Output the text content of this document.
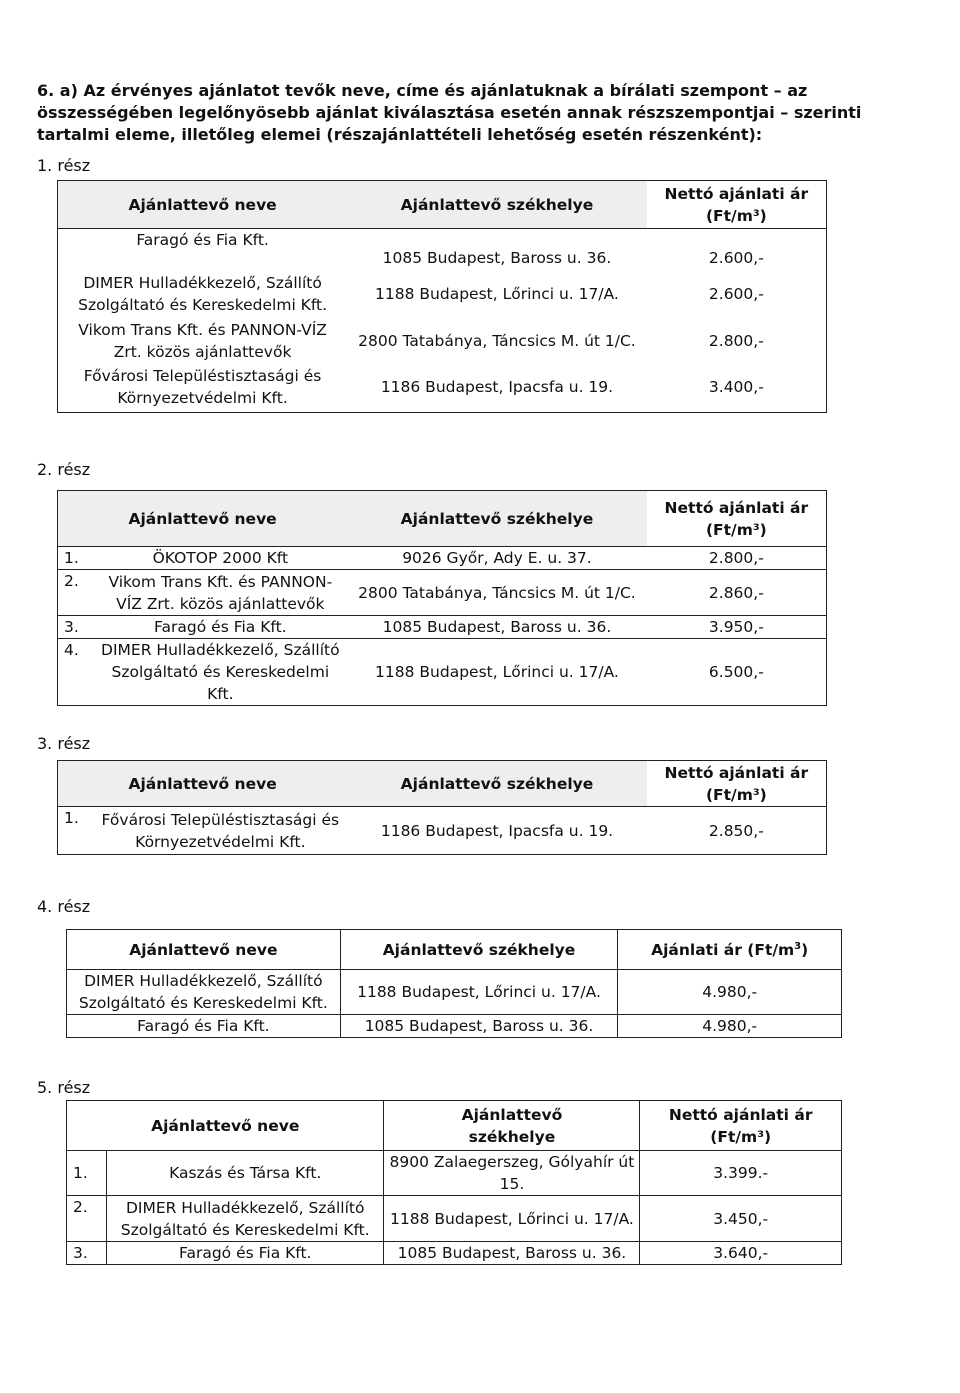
6. a) Az érvényes ajánlatot tevők neve, címe és ajánlatuknak a bírálati szempont – az összességében legelőnyösebb ajánlat kiválasztása esetén annak részszempontjai – szerinti tartalmi eleme, illetőleg elemei (részajánlattételi lehetőség esetén részenként):

1. rész

Ajánlattevő neve	Ajánlattevő székhelye	Nettó ajánlati ár (Ft/m³)
Faragó és Fia Kft.	1085 Budapest, Baross u. 36.	2.600,-
DIMER Hulladékkezelő, Szállító Szolgáltató és Kereskedelmi Kft.	1188 Budapest, Lőrinci u. 17/A.	2.600,-
Vikom Trans Kft. és PANNON-VÍZ Zrt. közös ajánlattevők	2800 Tatabánya, Táncsics M. út 1/C.	2.800,-
Fővárosi Településtisztasági és Környezetvédelmi Kft.	1186 Budapest, Ipacsfa u. 19.	3.400,-

2. rész

Ajánlattevő neve		Ajánlattevő székhelye	Nettó ajánlati ár (Ft/m³)
1.	ÖKOTOP 2000 Kft	9026 Győr, Ady E. u. 37.	2.800,-
2.	Vikom Trans Kft. és PANNON-VÍZ Zrt. közös ajánlattevők	2800 Tatabánya, Táncsics M. út 1/C.	2.860,-
3.	Faragó és Fia Kft.	1085 Budapest, Baross u. 36.	3.950,-
4.	DIMER Hulladékkezelő, Szállító Szolgáltató és Kereskedelmi Kft.	1188 Budapest, Lőrinci u. 17/A.	6.500,-

3. rész

Ajánlattevő neve		Ajánlattevő székhelye	Nettó ajánlati ár (Ft/m³)
1.	Fővárosi Településtisztasági és Környezetvédelmi Kft.	1186 Budapest, Ipacsfa u. 19.	2.850,-

4. rész

Ajánlattevő neve	Ajánlattevő székhelye	Ajánlati ár $(Ft/m^3)$
DIMER Hulladékkezelő, Szállító Szolgáltató és Kereskedelmi Kft.	1188 Budapest, Lőrinci u. 17/A.	4.980,-
Faragó és Fia Kft.	1085 Budapest, Baross u. 36.	4.980,-

5. rész

Ajánlattevő neve		Ajánlattevő székhelye	Nettó ajánlati ár (Ft/m³)
1.	Kaszás és Társa Kft.	8900 Zalaegerszeg, Gólyahír út 15.	3.399.-
2.	DIMER Hulladékkezelő, Szállító Szolgáltató és Kereskedelmi Kft.	1188 Budapest, Lőrinci u. 17/A.	3.450,-
3.	Faragó és Fia Kft.	1085 Budapest, Baross u. 36.	3.640,-
